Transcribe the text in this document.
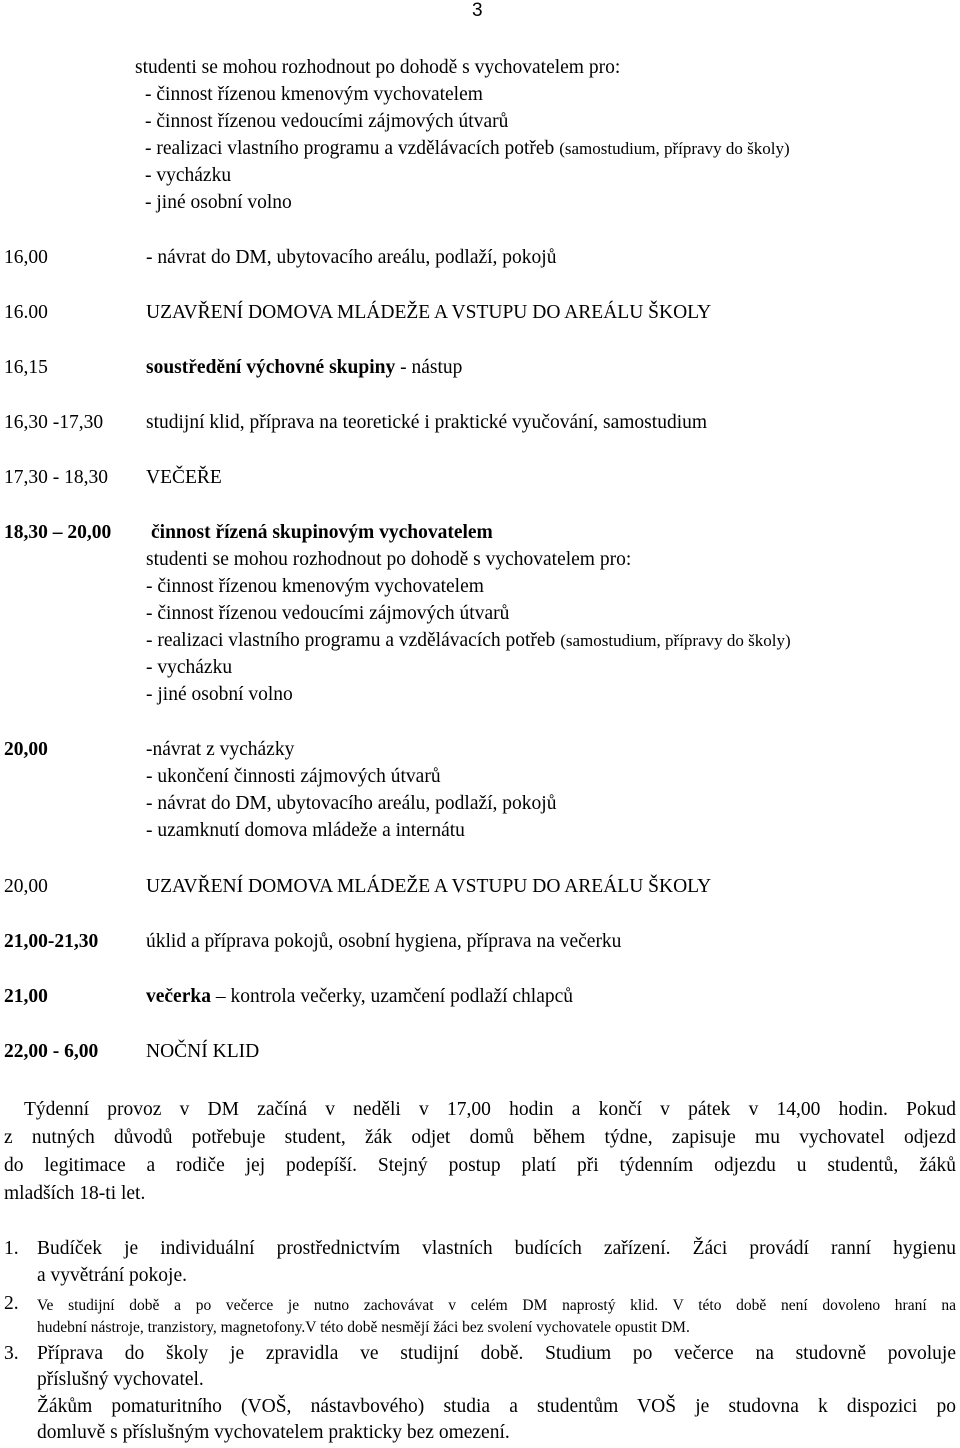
3
studenti se mohou rozhodnout po dohodě s vychovatelem pro:
- činnost řízenou kmenovým vychovatelem
- činnost řízenou vedoucími zájmových útvarů
- realizaci vlastního programu a vzdělávacích potřeb (samostudium, přípravy do školy)
- vycházku
- jiné osobní volno
16,00	- návrat do DM, ubytovacího areálu, podlaží, pokojů
16.00	UZAVŘENÍ DOMOVA MLÁDEŽE A VSTUPU DO AREÁLU ŠKOLY
16,15	soustředění výchovné skupiny - nástup
16,30 -17,30 studijní klid, příprava na teoretické i praktické vyučování, samostudium
17,30 - 18,30 VEČEŘE
18,30 – 20,00 činnost řízená skupinovým vychovatelem
studenti se mohou rozhodnout po dohodě s vychovatelem pro:
- činnost řízenou kmenovým vychovatelem
- činnost řízenou vedoucími zájmových útvarů
- realizaci vlastního programu a vzdělávacích potřeb (samostudium, přípravy do školy)
- vycházku
- jiné osobní volno
20,00	-návrat z vycházky
- ukončení činnosti zájmových útvarů
- návrat do DM, ubytovacího areálu, podlaží, pokojů
- uzamknutí domova mládeže a internátu
20,00	UZAVŘENÍ DOMOVA MLÁDEŽE A VSTUPU DO AREÁLU ŠKOLY
21,00-21,30 úklid a příprava pokojů, osobní hygiena, příprava na večerku
21,00	večerka – kontrola večerky, uzamčení podlaží chlapců
22,00 - 6,00 NOČNÍ KLID
Týdenní provoz v DM začíná v neděli v 17,00 hodin a končí v pátek v 14,00 hodin. Pokud
z nutných důvodů potřebuje student, žák odjet domů během týdne, zapisuje mu vychovatel odjezd
do legitimace a rodiče jej podepíší. Stejný postup platí při týdenním odjezdu u studentů, žáků
mladších 18-ti let.
1. Budíček je individuální prostřednictvím vlastních budících zařízení. Žáci provádí ranní hygienu
a vyvětrání pokoje.
2. Ve studijní době a po večerce je nutno zachovávat v celém DM naprostý klid. V této době není dovoleno hraní na
hudební nástroje, tranzistory, magnetofony.V této době nesmějí žáci bez svolení vychovatele opustit DM.
3. Příprava do školy je zpravidla ve studijní době. Studium po večerce na studovně povoluje
příslušný vychovatel.
Žákům pomaturitního (VOŠ, nástavbového) studia a studentům VOŠ je studovna k dispozici po
domluvě s příslušným vychovatelem prakticky bez omezení.
